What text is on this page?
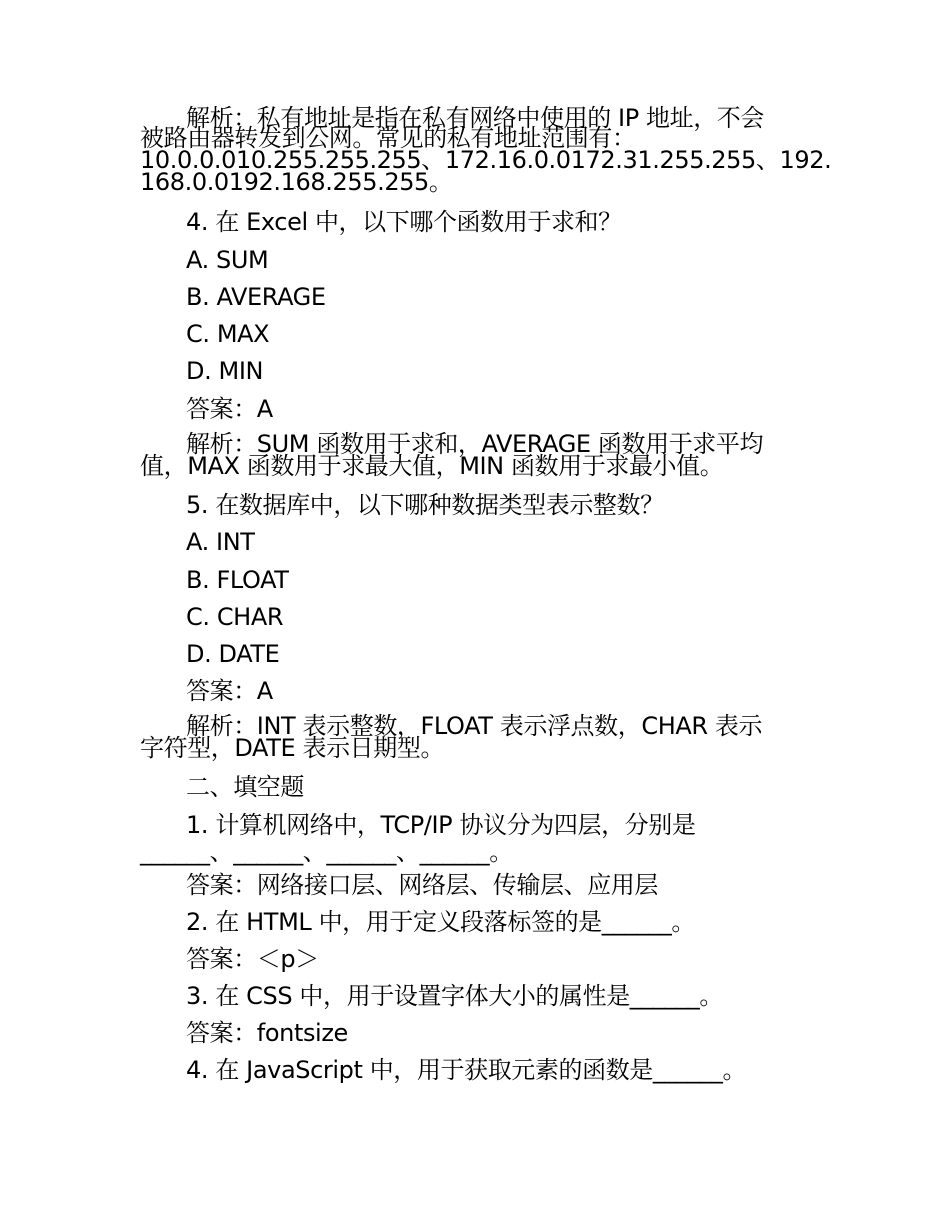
解析：私有地址是指在私有网络中使用的 IP 地址，不会
被路由器转发到公网。常见的私有地址范围有：
10.0.0.010.255.255.255、172.16.0.0172.31.255.255、192.
168.0.0192.168.255.255。
4. 在 Excel 中，以下哪个函数用于求和？
A. SUM
B. AVERAGE
C. MAX
D. MIN
答案：A
解析：SUM 函数用于求和，AVERAGE 函数用于求平均
值，MAX 函数用于求最大值，MIN 函数用于求最小值。
5. 在数据库中，以下哪种数据类型表示整数？
A. INT
B. FLOAT
C. CHAR
D. DATE
答案：A
解析：INT 表示整数，FLOAT 表示浮点数，CHAR 表示
字符型，DATE 表示日期型。
二、填空题
1. 计算机网络中，TCP/IP 协议分为四层，分别是
______、______、______、______。
答案：网络接口层、网络层、传输层、应用层
2. 在 HTML 中，用于定义段落标签的是______。
答案：＜p＞
3. 在 CSS 中，用于设置字体大小的属性是______。
答案：fontsize
4. 在 JavaScript 中，用于获取元素的函数是______。
